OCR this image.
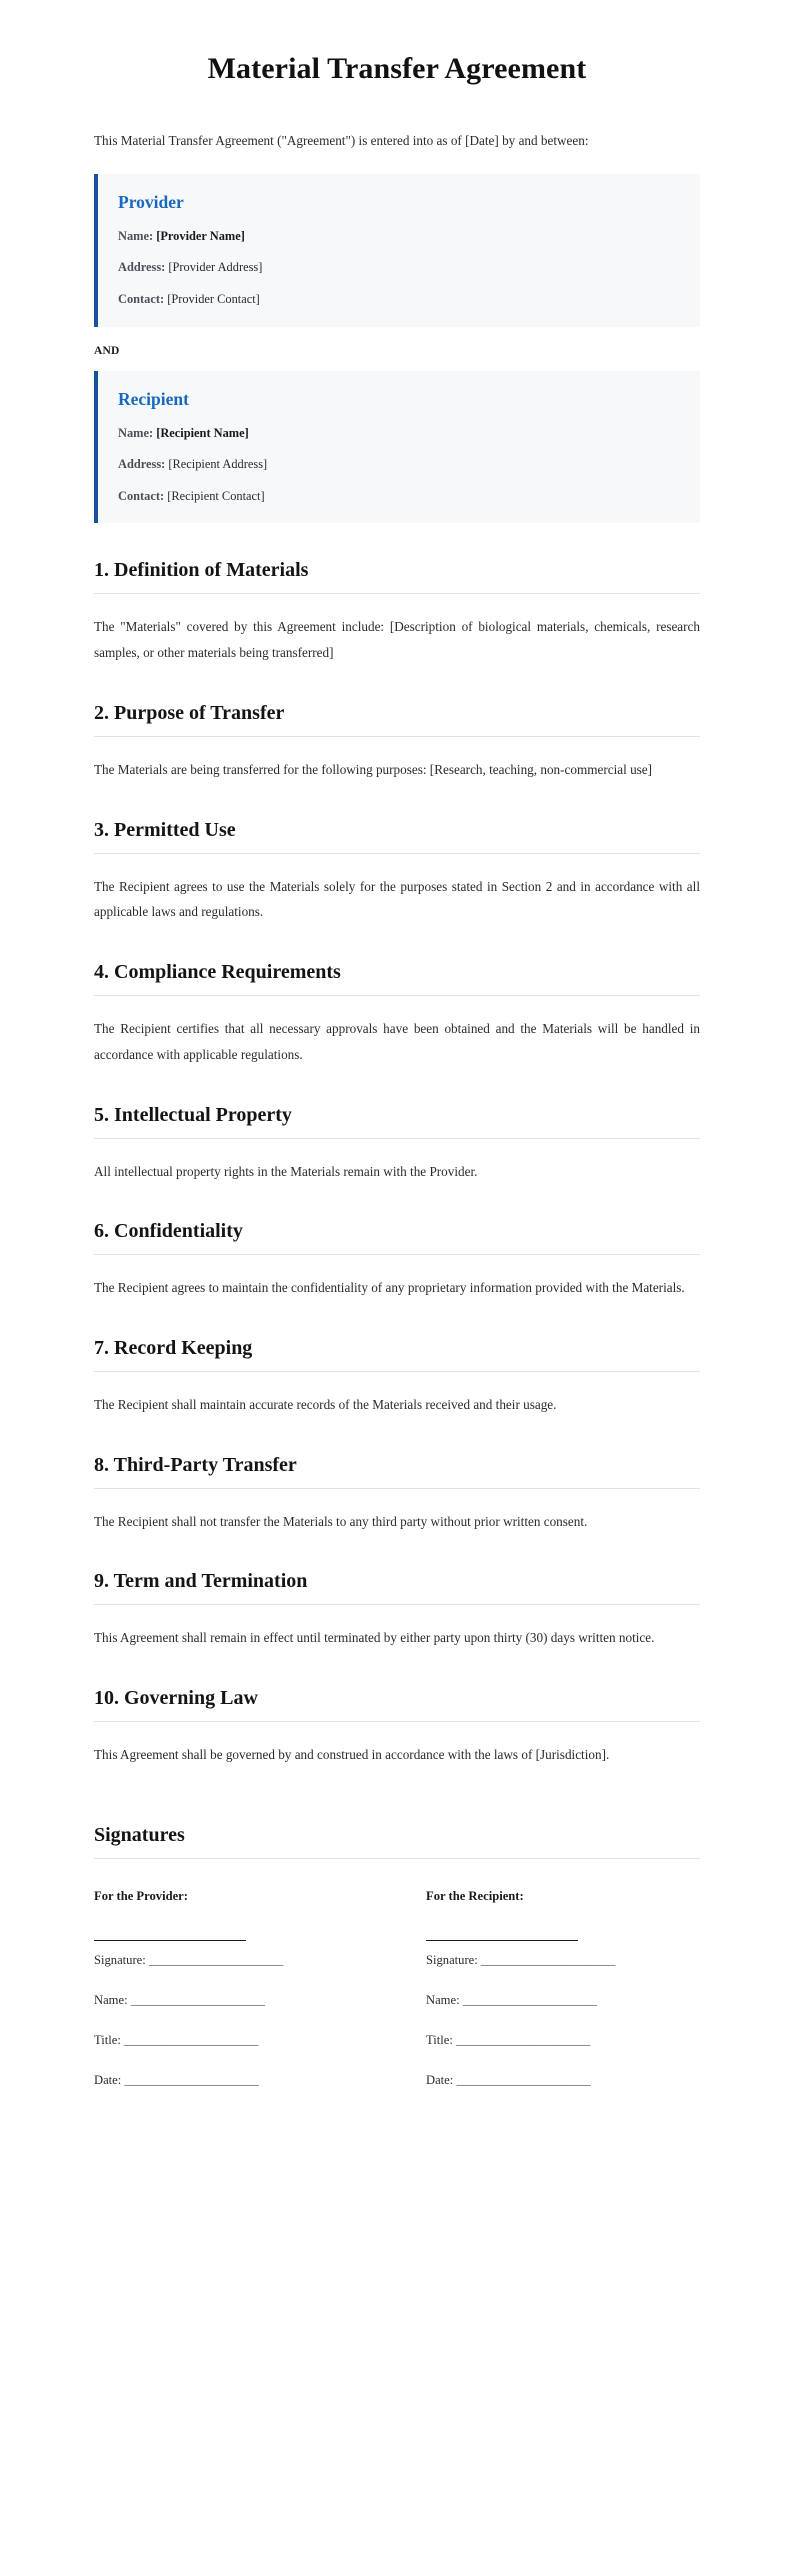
Material Transfer Agreement

This Material Transfer Agreement ("Agreement") is entered into as of [Date] by and between:

Provider
Name: [Provider Name]
Address: [Provider Address]
Contact: [Provider Contact]
AND
Recipient
Name: [Recipient Name]
Address: [Recipient Address]
Contact: [Recipient Contact]
1. Definition of Materials

The "Materials" covered by this Agreement include: [Description of biological materials, chemicals, research samples, or other materials being transferred]

2. Purpose of Transfer

The Materials are being transferred for the following purposes: [Research, teaching, non-commercial use]

3. Permitted Use

The Recipient agrees to use the Materials solely for the purposes stated in Section 2 and in accordance with all applicable laws and regulations.

4. Compliance Requirements

The Recipient certifies that all necessary approvals have been obtained and the Materials will be handled in accordance with applicable regulations.

5. Intellectual Property

All intellectual property rights in the Materials remain with the Provider.

6. Confidentiality

The Recipient agrees to maintain the confidentiality of any proprietary information provided with the Materials.

7. Record Keeping

The Recipient shall maintain accurate records of the Materials received and their usage.

8. Third-Party Transfer

The Recipient shall not transfer the Materials to any third party without prior written consent.

9. Term and Termination

This Agreement shall remain in effect until terminated by either party upon thirty (30) days written notice.

10. Governing Law

This Agreement shall be governed by and construed in accordance with the laws of [Jurisdiction].

Signatures
For the Provider:
Signature: ______________________
Name: ______________________
Title: ______________________
Date: ______________________
For the Recipient:
Signature: ______________________
Name: ______________________
Title: ______________________
Date: ______________________
